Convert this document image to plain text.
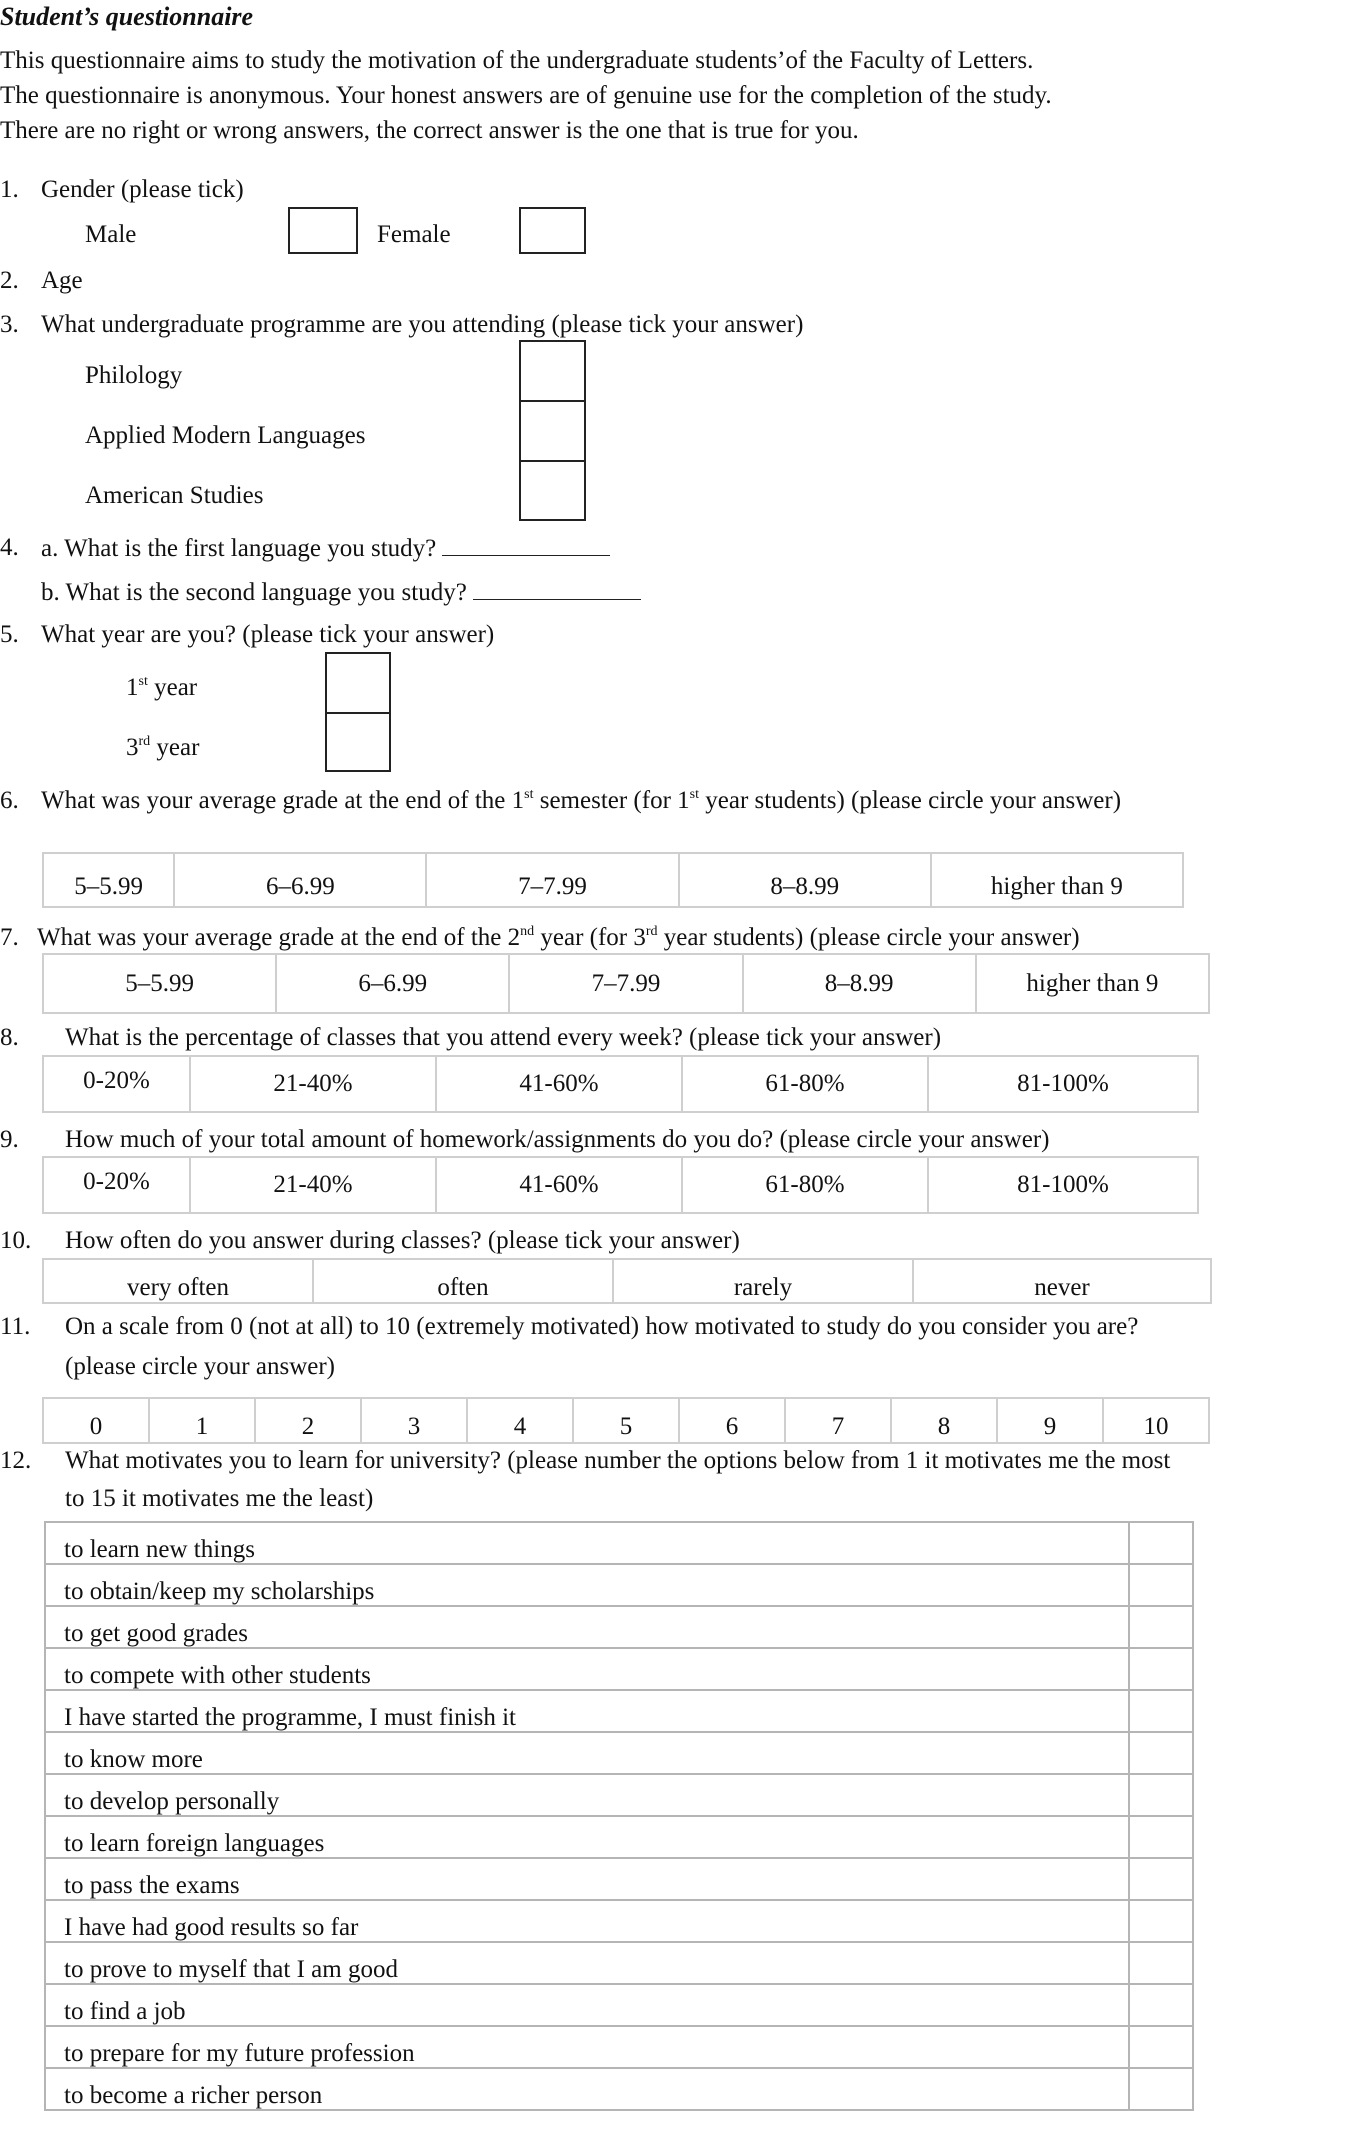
Student’s questionnaire
This questionnaire aims to study the motivation of the undergraduate students’of the Faculty of Letters.
The questionnaire is anonymous. Your honest answers are of genuine use for the completion of the study.
There are no right or wrong answers, the correct answer is the one that is true for you.
1. Gender (please tick)
Male	Female
2. Age
3. What undergraduate programme are you attending (please tick your answer)
Philology
Applied Modern Languages
American Studies
4. a. What is the first language you study?
b. What is the second language you study?
5. What year are you? (please tick your answer)
1st year
3rd year
6. What was your average grade at the end of the 1st semester (for 1st year students) (please circle your answer)
5–5.99	6–6.99	7–7.99	8–8.99	higher than 9
7. What was your average grade at the end of the 2nd year (for 3rd year students) (please circle your answer)
5–5.99	6–6.99	7–7.99	8–8.99	higher than 9
8. What is the percentage of classes that you attend every week? (please tick your answer)
0-20%	21-40%	41-60%	61-80%	81-100%
9. How much of your total amount of homework/assignments do you do? (please circle your answer)
0-20%	21-40%	41-60%	61-80%	81-100%
10. How often do you answer during classes? (please tick your answer)
very often	often	rarely	never
11. On a scale from 0 (not at all) to 10 (extremely motivated) how motivated to study do you consider you are?
(please circle your answer)
0	1	2	3	4	5	6	7	8	9	10
12. What motivates you to learn for university? (please number the options below from 1 it motivates me the most
to 15 it motivates me the least)
to learn new things	
to obtain/keep my scholarships	
to get good grades	
to compete with other students	
I have started the programme, I must finish it	
to know more	
to develop personally	
to learn foreign languages	
to pass the exams	
I have had good results so far	
to prove to myself that I am good	
to find a job	
to prepare for my future profession	
to become a richer person	
